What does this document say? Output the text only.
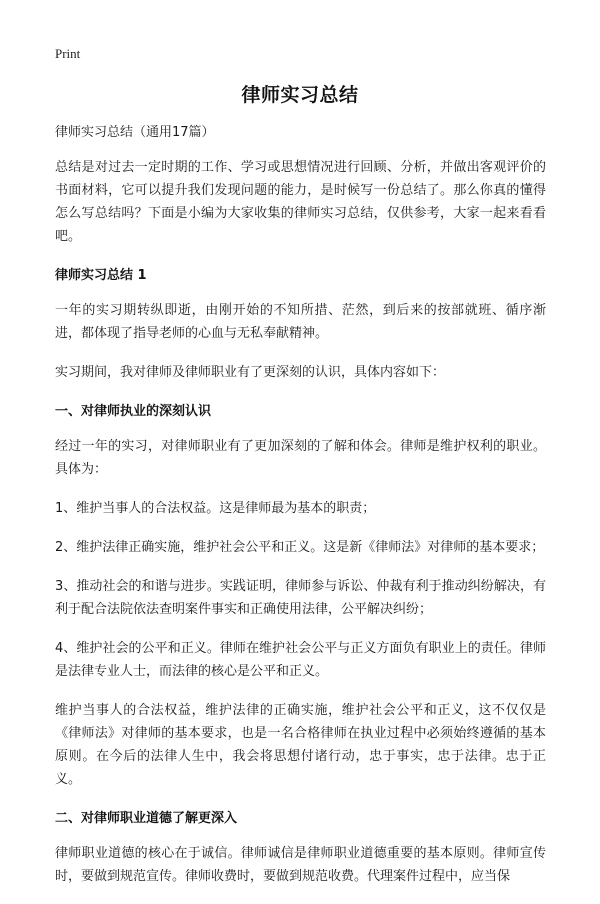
Print
律师实习总结

律师实习总结（通用17篇）

总结是对过去一定时期的工作、学习或思想情况进行回顾、分析，并做出客观评价的书面材料，它可以提升我们发现问题的能力，是时候写一份总结了。那么你真的懂得怎么写总结吗？下面是小编为大家收集的律师实习总结，仅供参考，大家一起来看看吧。

律师实习总结 1

一年的实习期转纵即逝，由刚开始的不知所措、茫然，到后来的按部就班、循序渐进，都体现了指导老师的心血与无私奉献精神。

实习期间，我对律师及律师职业有了更深刻的认识，具体内容如下：

一、对律师执业的深刻认识

经过一年的实习，对律师职业有了更加深刻的了解和体会。律师是维护权利的职业。具体为：

1、维护当事人的合法权益。这是律师最为基本的职责；

2、维护法律正确实施，维护社会公平和正义。这是新《律师法》对律师的基本要求；

3、推动社会的和谐与进步。实践证明，律师参与诉讼、仲裁有利于推动纠纷解决，有利于配合法院依法查明案件事实和正确使用法律，公平解决纠纷；

4、维护社会的公平和正义。律师在维护社会公平与正义方面负有职业上的责任。律师是法律专业人士，而法律的核心是公平和正义。

维护当事人的合法权益，维护法律的正确实施，维护社会公平和正义，这不仅仅是《律师法》对律师的基本要求，也是一名合格律师在执业过程中必须始终遵循的基本原则。在今后的法律人生中，我会将思想付诸行动，忠于事实，忠于法律。忠于正义。

二、对律师职业道德了解更深入

律师职业道德的核心在于诚信。律师诚信是律师职业道德重要的基本原则。律师宣传时，要做到规范宣传。律师收费时，要做到规范收费。代理案件过程中，应当保
